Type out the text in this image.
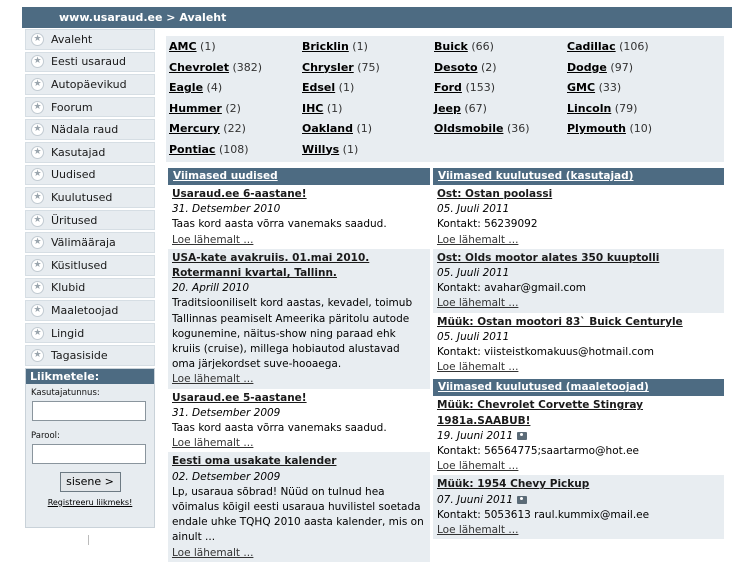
www.usaraud.ee > Avaleht
★ Avaleht
★ Eesti usaraud
★ Autopäevikud
★ Foorum
★ Nädala raud
★ Kasutajad
★ Uudised
★ Kuulutused
★ Üritused
★ Välimääraja
★ Küsitlused
★ Klubid
★ Maaletoojad
★ Lingid
★ Tagasiside
Liikmetele:
Kasutajatunnus:
Parool:
sisene >
Registreeru liikmeks!
AMC (1)	Bricklin (1)	Buick (66)	Cadillac (106)
Chevrolet (382)	Chrysler (75)	Desoto (2)	Dodge (97)
Eagle (4)	Edsel (1)	Ford (153)	GMC (33)
Hummer (2)	IHC (1)	Jeep (67)	Lincoln (79)
Mercury (22)	Oakland (1)	Oldsmobile (36)	Plymouth (10)
Pontiac (108)	Willys (1)
Viimased uudised
Usaraud.ee 6-aastane!
31. Detsember 2010
Taas kord aasta võrra vanemaks saadud.
Loe lähemalt ...
USA-kate avakruiis. 01.mai 2010. Rotermanni kvartal, Tallinn.
20. Aprill 2010
Traditsiooniliselt kord aastas, kevadel, toimub Tallinnas peamiselt Ameerika päritolu autode kogunemine, näitus-show ning paraad ehk kruiis (cruise), millega hobiautod alustavad oma järjekordset suve-hooaega.
Loe lähemalt ...
Usaraud.ee 5-aastane!
31. Detsember 2009
Taas kord aasta võrra vanemaks saadud.
Loe lähemalt ...
Eesti oma usakate kalender
02. Detsember 2009
Lp, usaraua sõbrad! Nüüd on tulnud hea võimalus kõigil eesti usaraua huvilistel soetada endale uhke TQHQ 2010 aasta kalender, mis on ainult ...
Loe lähemalt ...
Viimased kuulutused (kasutajad)
Ost: Ostan poolassi
05. Juuli 2011
Kontakt: 56239092
Loe lähemalt ...
Ost: Olds mootor alates 350 kuuptolli
05. Juuli 2011
Kontakt: avahar@gmail.com
Loe lähemalt ...
Müük: Ostan mootori 83` Buick Centuryle
05. Juuli 2011
Kontakt: viisteistkomakuus@hotmail.com
Loe lähemalt ...
Viimased kuulutused (maaletoojad)
Müük: Chevrolet Corvette Stingray 1981a.SAABUB!
19. Juuni 2011
Kontakt: 56564775;saartarmo@hot.ee
Loe lähemalt ...
Müük: 1954 Chevy Pickup
07. Juuni 2011
Kontakt: 5053613 raul.kummix@mail.ee
Loe lähemalt ...
